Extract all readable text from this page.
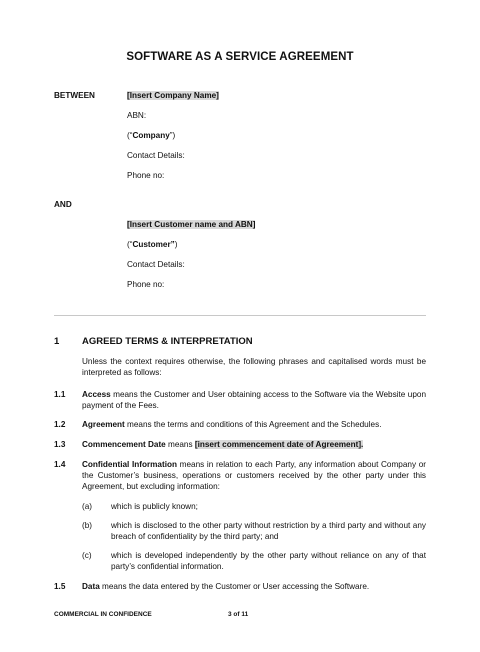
SOFTWARE AS A SERVICE AGREEMENT
BETWEEN	[Insert Company Name]
ABN:
(“Company”)
Contact Details:
Phone no:
AND
[Insert Customer name and ABN]
(“Customer”)
Contact Details:
Phone no:
1 AGREED TERMS & INTERPRETATION
Unless the context requires otherwise, the following phrases and capitalised words must be interpreted as follows:
1.1 Access means the Customer and User obtaining access to the Software via the Website upon payment of the Fees.
1.2 Agreement means the terms and conditions of this Agreement and the Schedules.
1.3 Commencement Date means [insert commencement date of Agreement].
1.4 Confidential Information means in relation to each Party, any information about Company or the Customer’s business, operations or customers received by the other party under this Agreement, but excluding information:
(a) which is publicly known;
(b) which is disclosed to the other party without restriction by a third party and without any breach of confidentiality by the third party; and
(c) which is developed independently by the other party without reliance on any of that party’s confidential information.
1.5 Data means the data entered by the Customer or User accessing the Software.
COMMERCIAL IN CONFIDENCE	3 of 11
